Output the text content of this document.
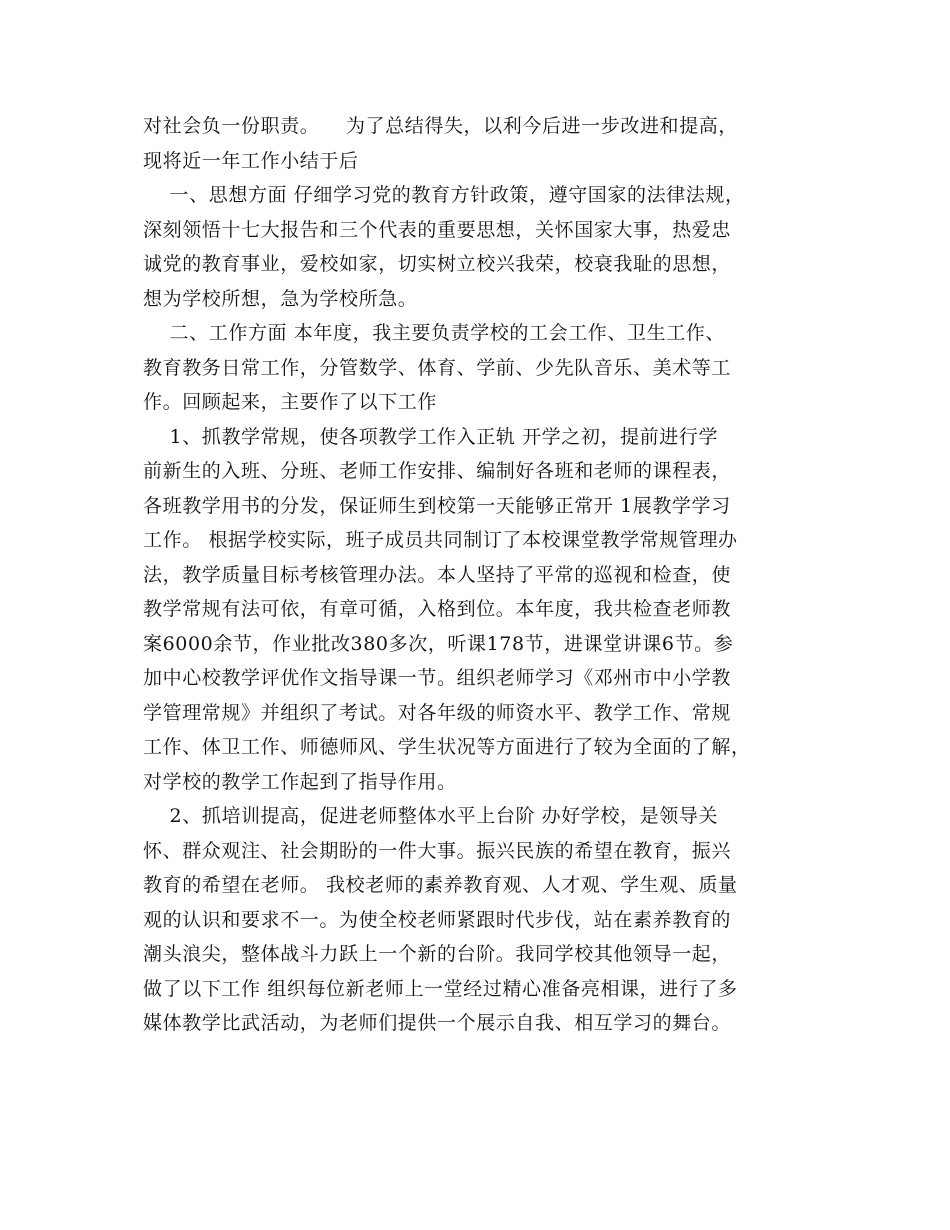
对社会负一份职责。    为了总结得失，以利今后进一步改进和提高，
现将近一年工作小结于后
一、思想方面 仔细学习党的教育方针政策，遵守国家的法律法规，
深刻领悟十七大报告和三个代表的重要思想，关怀国家大事，热爱忠
诚党的教育事业，爱校如家，切实树立校兴我荣，校衰我耻的思想，
想为学校所想，急为学校所急。
二、工作方面 本年度，我主要负责学校的工会工作、卫生工作、
教育教务日常工作，分管数学、体育、学前、少先队音乐、美术等工
作。回顾起来，主要作了以下工作
1、抓教学常规，使各项教学工作入正轨 开学之初，提前进行学
前新生的入班、分班、老师工作安排、编制好各班和老师的课程表，
各班教学用书的分发，保证师生到校第一天能够正常开 1展教学学习
工作。 根据学校实际，班子成员共同制订了本校课堂教学常规管理办
法，教学质量目标考核管理办法。本人坚持了平常的巡视和检查，使
教学常规有法可依，有章可循，入格到位。本年度，我共检查老师教
案6000余节，作业批改380多次，听课178节，进课堂讲课6节。参
加中心校教学评优作文指导课一节。组织老师学习《邓州市中小学教
学管理常规》并组织了考试。对各年级的师资水平、教学工作、常规
工作、体卫工作、师德师风、学生状况等方面进行了较为全面的了解，
对学校的教学工作起到了指导作用。
2、抓培训提高，促进老师整体水平上台阶 办好学校，是领导关
怀、群众观注、社会期盼的一件大事。振兴民族的希望在教育，振兴
教育的希望在老师。 我校老师的素养教育观、人才观、学生观、质量
观的认识和要求不一。为使全校老师紧跟时代步伐，站在素养教育的
潮头浪尖，整体战斗力跃上一个新的台阶。我同学校其他领导一起，
做了以下工作 组织每位新老师上一堂经过精心准备亮相课，进行了多
媒体教学比武活动，为老师们提供一个展示自我、相互学习的舞台。
